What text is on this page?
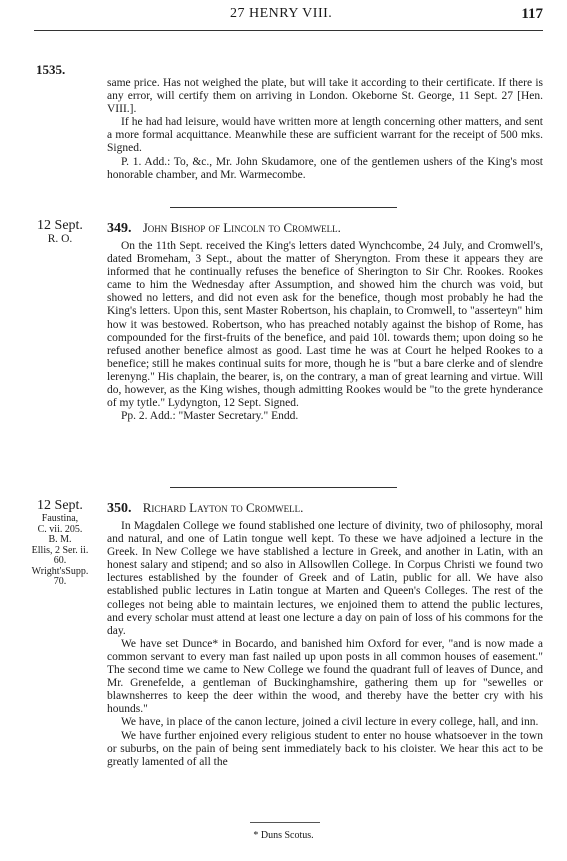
27 HENRY VIII.	117
1535.

same price. Has not weighed the plate, but will take it according to their certificate. If there is any error, will certify them on arriving in London. Okeborne St. George, 11 Sept. 27 [Hen. VIII.].

If he had had leisure, would have written more at length concerning other matters, and sent a more formal acquittance. Meanwhile these are sufficient warrant for the receipt of 500 mks. Signed.

P. 1. Add.: To, &c., Mr. John Skudamore, one of the gentlemen ushers of the King's most honorable chamber, and Mr. Warmecombe.

12 Sept.
R. O.
349. John Bishop of Lincoln to Cromwell.

On the 11th Sept. received the King's letters dated Wynchcombe, 24 July, and Cromwell's, dated Bromeham, 3 Sept., about the matter of Sheryngton. From these it appears they are informed that he continually refuses the benefice of Sherington to Sir Chr. Rookes. Rookes came to him the Wednesday after Assumption, and showed him the church was void, but showed no letters, and did not even ask for the benefice, though most probably he had the King's letters. Upon this, sent Master Robertson, his chaplain, to Cromwell, to "asserteyn" him how it was bestowed. Robertson, who has preached notably against the bishop of Rome, has compounded for the first-fruits of the benefice, and paid 10l. towards them; upon doing so he refused another benefice almost as good. Last time he was at Court he helped Rookes to a benefice; still he makes continual suits for more, though he is "but a bare clerke and of slendre lerenyng." His chaplain, the bearer, is, on the contrary, a man of great learning and virtue. Will do, however, as the King wishes, though admitting Rookes would be "to the grete hynderance of my tytle." Lydyngton, 12 Sept. Signed.

Pp. 2. Add.: "Master Secretary." Endd.

12 Sept.
Faustina,
C. vii. 205.
B. M.
Ellis, 2 Ser. ii.
60.
Wright'sSupp.
70.
350. Richard Layton to Cromwell.

In Magdalen College we found stablished one lecture of divinity, two of philosophy, moral and natural, and one of Latin tongue well kept. To these we have adjoined a lecture in the Greek. In New College we have stablished a lecture in Greek, and another in Latin, with an honest salary and stipend; and so also in Allsowllen College. In Corpus Christi we found two lectures established by the founder of Greek and of Latin, public for all. We have also established public lectures in Latin tongue at Marten and Queen's Colleges. The rest of the colleges not being able to maintain lectures, we enjoined them to attend the public lectures, and every scholar must attend at least one lecture a day on pain of loss of his commons for the day.

We have set Dunce* in Bocardo, and banished him Oxford for ever, "and is now made a common servant to every man fast nailed up upon posts in all common houses of easement." The second time we came to New College we found the quadrant full of leaves of Dunce, and Mr. Grenefelde, a gentleman of Buckinghamshire, gathering them up for "sewelles or blawnsherres to keep the deer within the wood, and thereby have the better cry with his hounds."

We have, in place of the canon lecture, joined a civil lecture in every college, hall, and inn.

We have further enjoined every religious student to enter no house whatsoever in the town or suburbs, on the pain of being sent immediately back to his cloister. We hear this act to be greatly lamented of all the

* Duns Scotus.
